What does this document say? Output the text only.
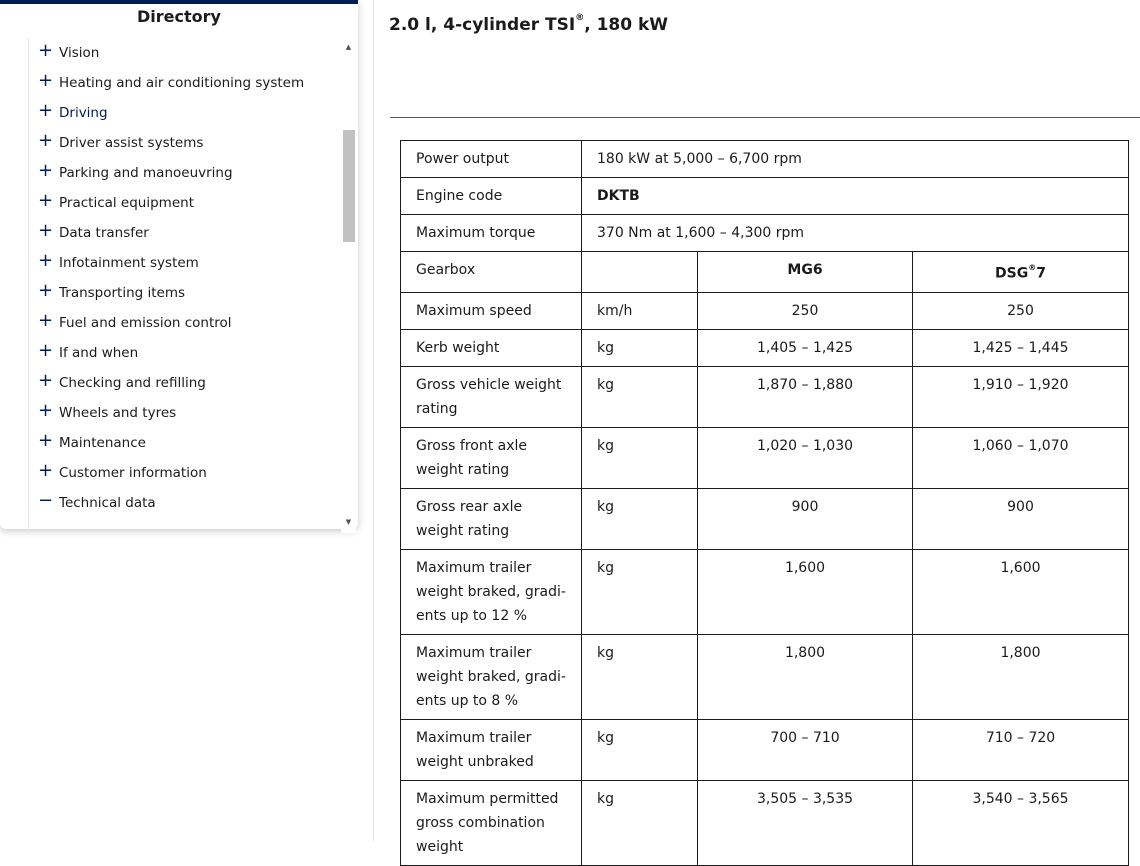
Directory
+ Vision
+ Heating and air conditioning system
+ Driving
+ Driver assist systems
+ Parking and manoeuvring
+ Practical equipment
+ Data transfer
+ Infotainment system
+ Transporting items
+ Fuel and emission control
+ If and when
+ Checking and refilling
+ Wheels and tyres
+ Maintenance
+ Customer information
− Technical data
▲
▼
2.0 l, 4-cylinder TSI®, 180 kW
Power output	180 kW at 5,000 – 6,700 rpm		
Engine code	DKTB		
Maximum torque	370 Nm at 1,600 – 4,300 rpm		
Gearbox		MG6	DSG®7
Maximum speed	km/h	250	250
Kerb weight	kg	1,405 – 1,425	1,425 – 1,445
Gross vehicle weight rating	kg	1,870 – 1,880	1,910 – 1,920
Gross front axle weight rating	kg	1,020 – 1,030	1,060 – 1,070
Gross rear axle weight rating	kg	900	900
Maximum trailer weight braked, gradi-ents up to 12 %	kg	1,600	1,600
Maximum trailer weight braked, gradi-ents up to 8 %	kg	1,800	1,800
Maximum trailer weight unbraked	kg	700 – 710	710 – 720
Maximum permitted gross combination weight	kg	3,505 – 3,535	3,540 – 3,565
